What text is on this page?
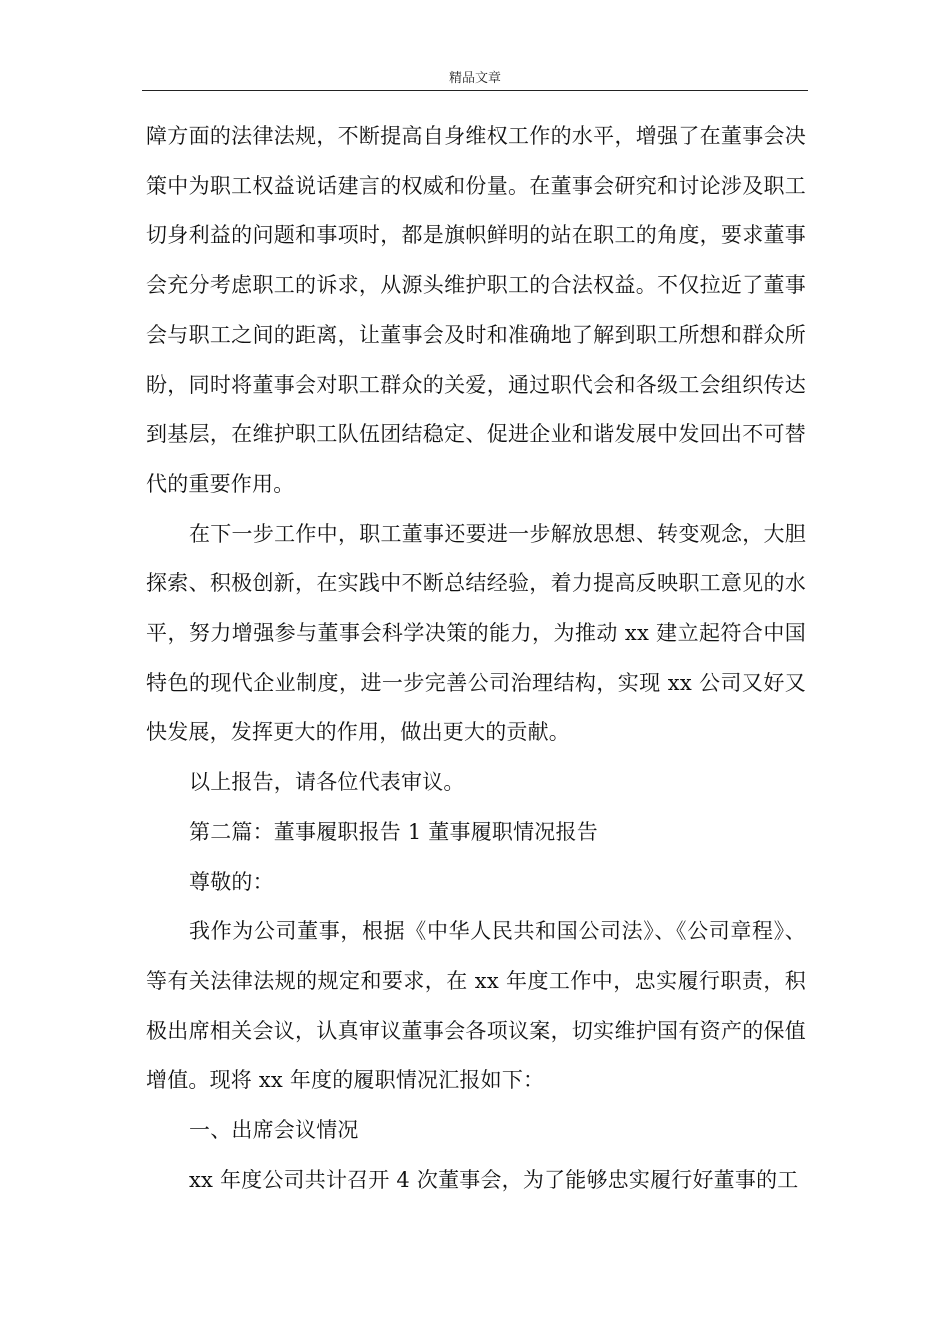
精品文章

障方面的法律法规，不断提高自身维权工作的水平，增强了在董事会决策中为职工权益说话建言的权威和份量。在董事会研究和讨论涉及职工切身利益的问题和事项时，都是旗帜鲜明的站在职工的角度，要求董事会充分考虑职工的诉求，从源头维护职工的合法权益。不仅拉近了董事会与职工之间的距离，让董事会及时和准确地了解到职工所想和群众所盼，同时将董事会对职工群众的关爱，通过职代会和各级工会组织传达到基层，在维护职工队伍团结稳定、促进企业和谐发展中发回出不可替代的重要作用。

在下一步工作中，职工董事还要进一步解放思想、转变观念，大胆探索、积极创新，在实践中不断总结经验，着力提高反映职工意见的水平，努力增强参与董事会科学决策的能力，为推动 xx 建立起符合中国特色的现代企业制度，进一步完善公司治理结构，实现 xx 公司又好又快发展，发挥更大的作用，做出更大的贡献。

以上报告，请各位代表审议。

第二篇：董事履职报告 1 董事履职情况报告

尊敬的：

我作为公司董事，根据《中华人民共和国公司法》、《公司章程》、等有关法律法规的规定和要求，在 xx 年度工作中，忠实履行职责，积极出席相关会议，认真审议董事会各项议案，切实维护国有资产的保值增值。现将 xx 年度的履职情况汇报如下：

一、出席会议情况

xx 年度公司共计召开 4 次董事会，为了能够忠实履行好董事的工
